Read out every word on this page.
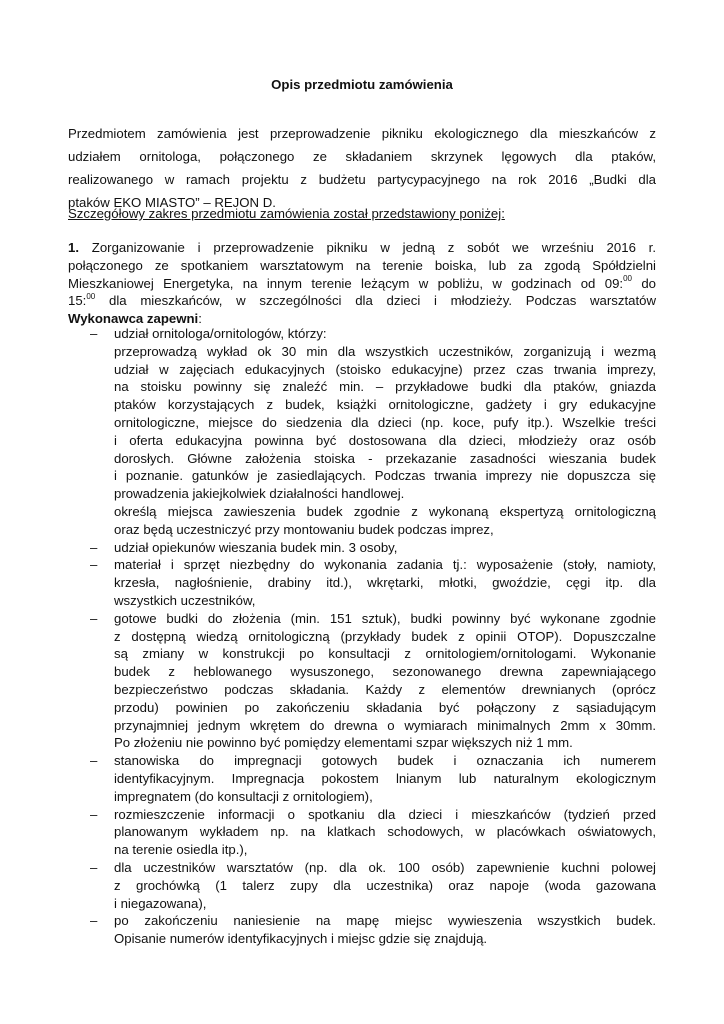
Opis przedmiotu zamówienia
Przedmiotem zamówienia jest przeprowadzenie pikniku ekologicznego dla mieszkańców z
udziałem ornitologa, połączonego ze składaniem skrzynek lęgowych dla ptaków,
realizowanego w ramach projektu z budżetu partycypacyjnego na rok 2016 „Budki dla
ptaków EKO MIASTO” – REJON D.
Szczegółowy zakres przedmiotu zamówienia został przedstawiony poniżej:
1. Zorganizowanie i przeprowadzenie pikniku w jedną z sobót we wrześniu 2016 r.
połączonego ze spotkaniem warsztatowym na terenie boiska, lub za zgodą Spółdzielni
Mieszkaniowej Energetyka, na innym terenie leżącym w pobliżu, w godzinach od 09:$^{00}$ do
15:$^{00}$ dla mieszkańców, w szczególności dla dzieci i młodzieży. Podczas warsztatów
Wykonawca zapewni:
– udział ornitologa/ornitologów, którzy:
przeprowadzą wykład ok 30 min dla wszystkich uczestników, zorganizują i wezmą
udział w zajęciach edukacyjnych (stoisko edukacyjne) przez czas trwania imprezy,
na stoisku powinny się znaleźć min. – przykładowe budki dla ptaków, gniazda
ptaków korzystających z budek, książki ornitologiczne, gadżety i gry edukacyjne
ornitologiczne, miejsce do siedzenia dla dzieci (np. koce, pufy itp.). Wszelkie treści
i oferta edukacyjna powinna być dostosowana dla dzieci, młodzieży oraz osób
dorosłych. Główne założenia stoiska - przekazanie zasadności wieszania budek
i poznanie. gatunków je zasiedlających. Podczas trwania imprezy nie dopuszcza się
prowadzenia jakiejkolwiek działalności handlowej.
określą miejsca zawieszenia budek zgodnie z wykonaną ekspertyzą ornitologiczną
oraz będą uczestniczyć przy montowaniu budek podczas imprez,
– udział opiekunów wieszania budek min. 3 osoby,
– materiał i sprzęt niezbędny do wykonania zadania tj.: wyposażenie (stoły, namioty,
krzesła, nagłośnienie, drabiny itd.), wkrętarki, młotki, gwoździe, cęgi itp. dla
wszystkich uczestników,
– gotowe budki do złożenia (min. 151 sztuk), budki powinny być wykonane zgodnie
z dostępną wiedzą ornitologiczną (przykłady budek z opinii OTOP). Dopuszczalne
są zmiany w konstrukcji po konsultacji z ornitologiem/ornitologami. Wykonanie
budek z heblowanego wysuszonego, sezonowanego drewna zapewniającego
bezpieczeństwo podczas składania. Każdy z elementów drewnianych (oprócz
przodu) powinien po zakończeniu składania być połączony z sąsiadującym
przynajmniej jednym wkrętem do drewna o wymiarach minimalnych 2mm x 30mm.
Po złożeniu nie powinno być pomiędzy elementami szpar większych niż 1 mm.
– stanowiska do impregnacji gotowych budek i oznaczania ich numerem
identyfikacyjnym. Impregnacja pokostem lnianym lub naturalnym ekologicznym
impregnatem (do konsultacji z ornitologiem),
– rozmieszczenie informacji o spotkaniu dla dzieci i mieszkańców (tydzień przed
planowanym wykładem np. na klatkach schodowych, w placówkach oświatowych,
na terenie osiedla itp.),
– dla uczestników warsztatów (np. dla ok. 100 osób) zapewnienie kuchni polowej
z grochówką (1 talerz zupy dla uczestnika) oraz napoje (woda gazowana
i niegazowana),
– po zakończeniu naniesienie na mapę miejsc wywieszenia wszystkich budek.
Opisanie numerów identyfikacyjnych i miejsc gdzie się znajdują.
